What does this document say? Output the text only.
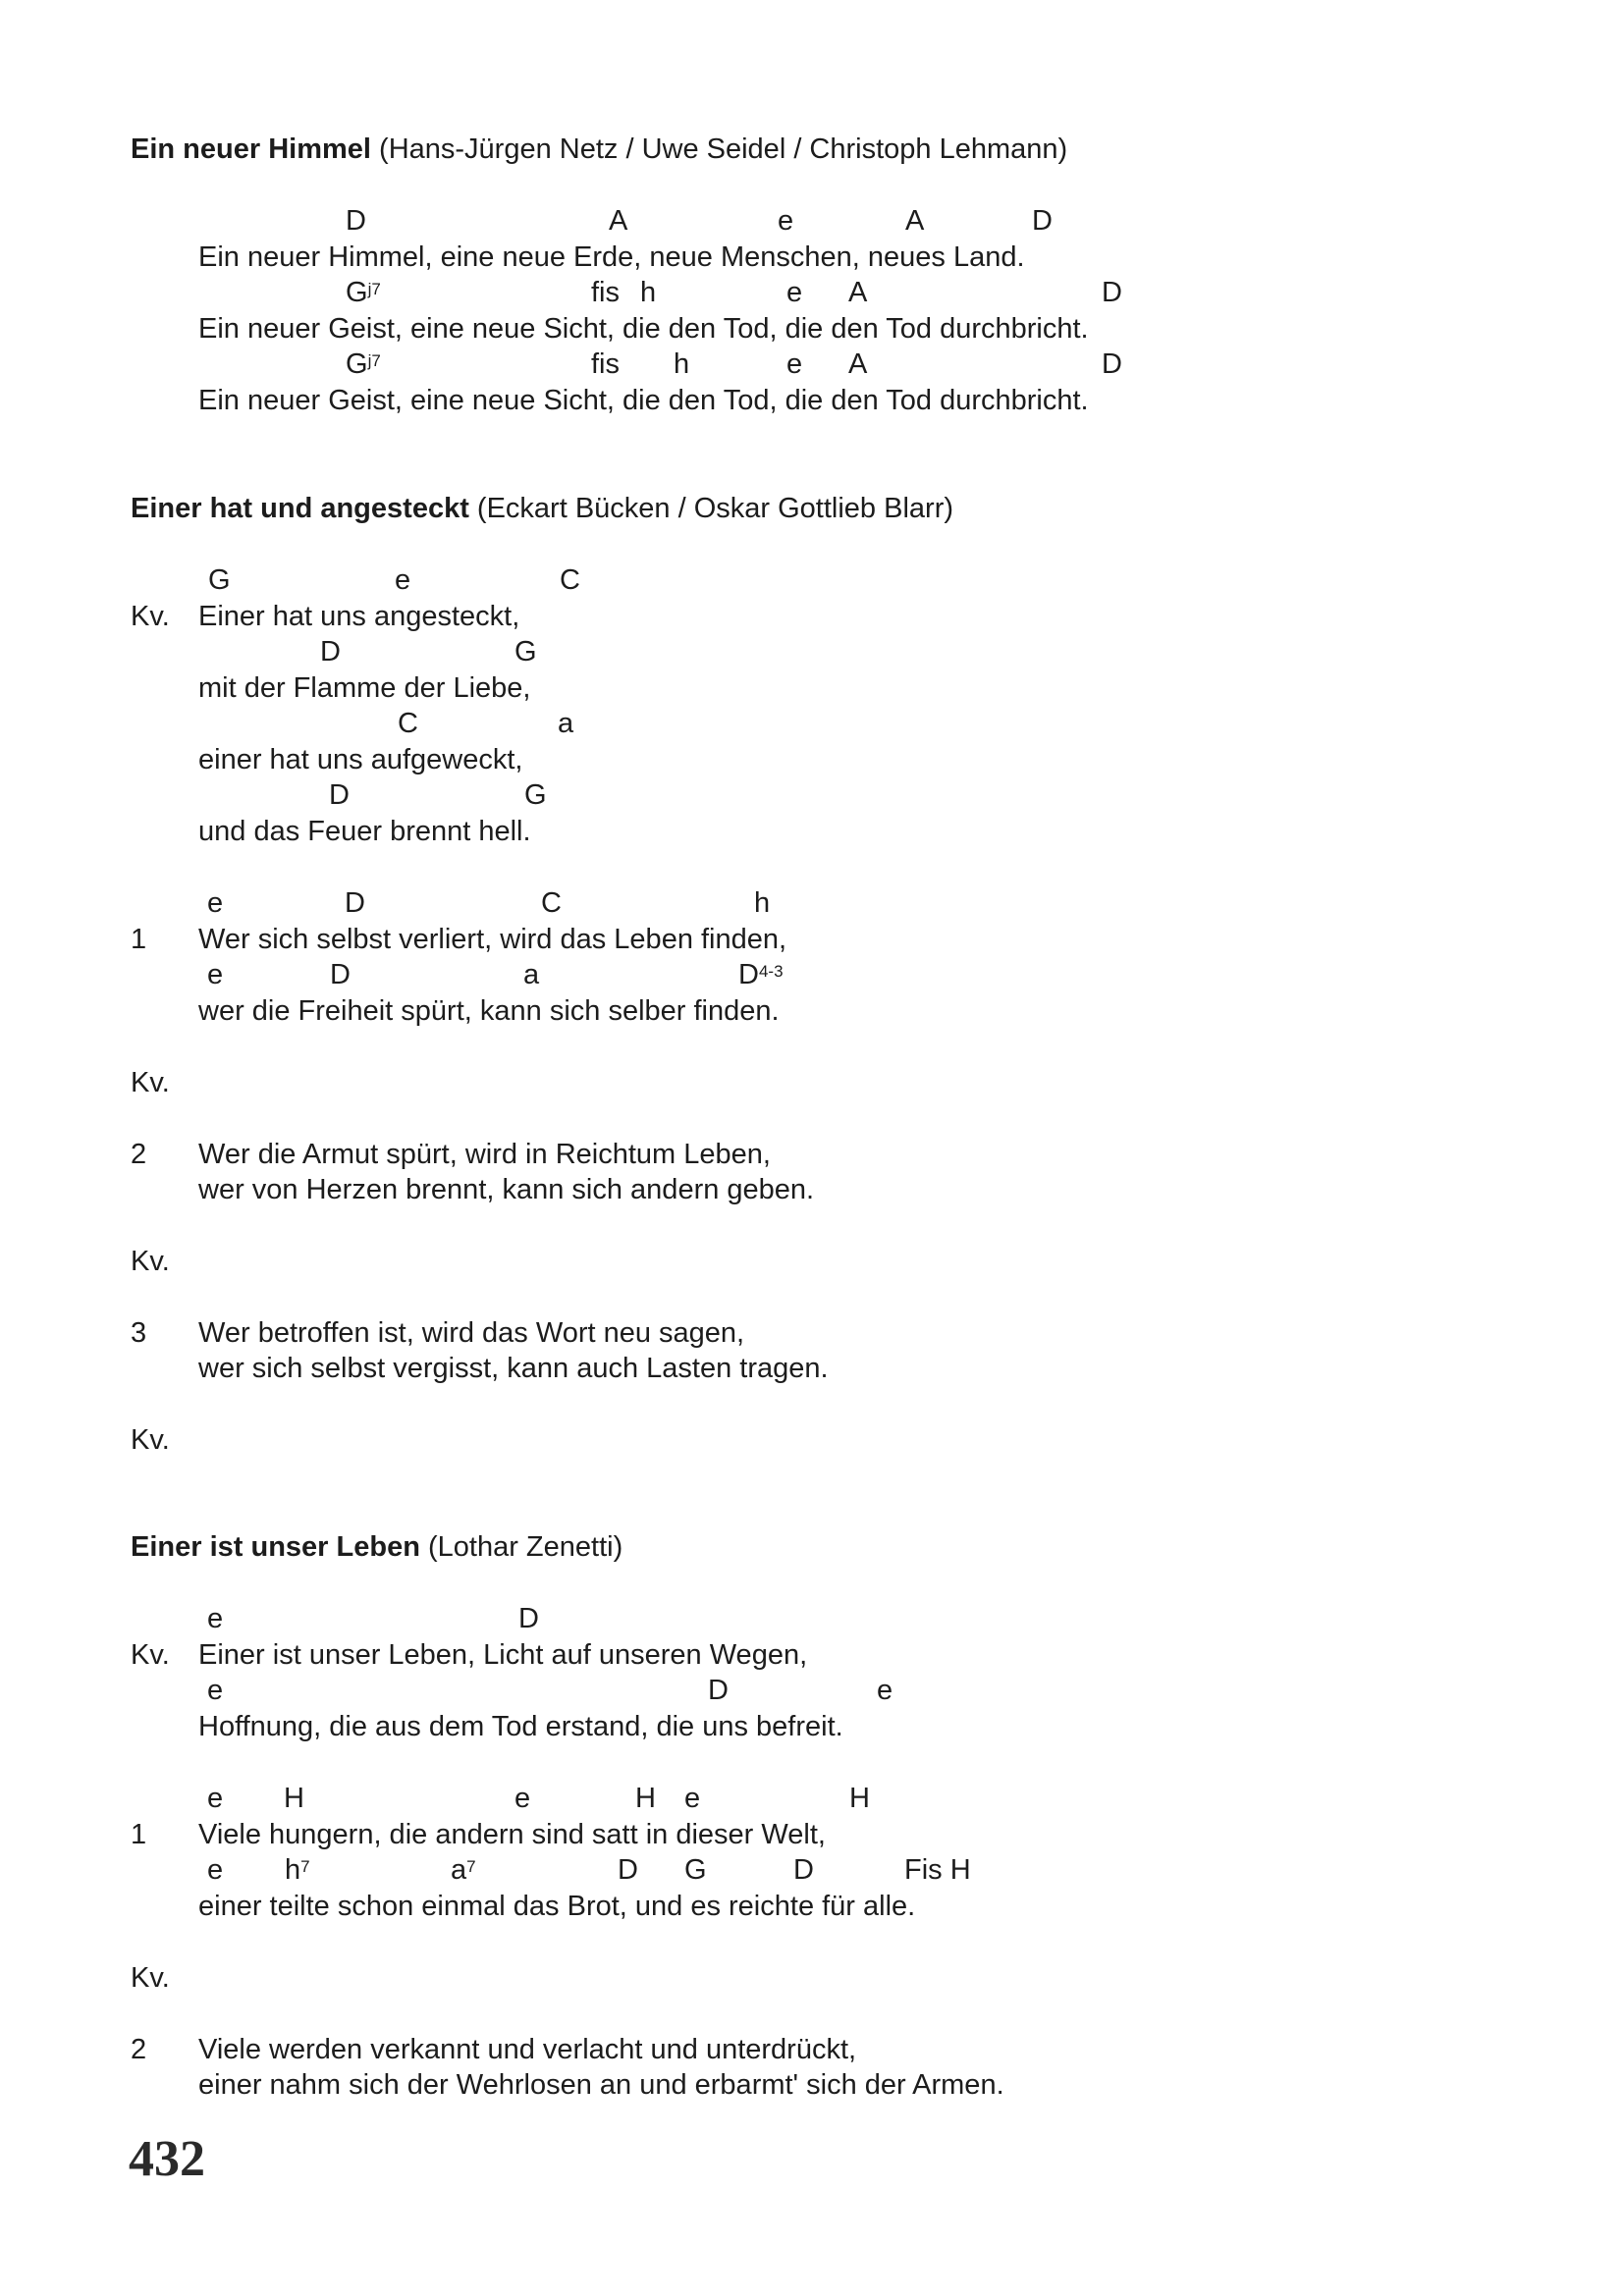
Ein neuer Himmel (Hans-Jürgen Netz / Uwe Seidel / Christoph Lehmann)
D	A	e	A	D
Ein neuer Himmel, eine neue Erde, neue Menschen, neues Land.
$G^{j7}$	fis h	e A	D
Ein neuer Geist, eine neue Sicht, die den Tod, die den Tod durchbricht.
$G^{j7}$	fis h	e A	D
Ein neuer Geist, eine neue Sicht, die den Tod, die den Tod durchbricht.
Einer hat und angesteckt (Eckart Bücken / Oskar Gottlieb Blarr)
G	e	C
Kv. Einer hat uns angesteckt,
D	G
mit der Flamme der Liebe,
C	a
einer hat uns aufgeweckt,
D	G
und das Feuer brennt hell.
e	D	C	h
1 Wer sich selbst verliert, wird das Leben finden,
e	D	a	$D^{4-3}$
wer die Freiheit spürt, kann sich selber finden.
Kv.
2 Wer die Armut spürt, wird in Reichtum Leben,
wer von Herzen brennt, kann sich andern geben.
Kv.
3 Wer betroffen ist, wird das Wort neu sagen,
wer sich selbst vergisst, kann auch Lasten tragen.
Kv.
Einer ist unser Leben (Lothar Zenetti)
e	D
Kv. Einer ist unser Leben, Licht auf unseren Wegen,
e	D	e
Hoffnung, die aus dem Tod erstand, die uns befreit.
e H	e	H e	H
1 Viele hungern, die andern sind satt in dieser Welt,
e $h^7$	$a^7$	D G	D	Fis H
einer teilte schon einmal das Brot, und es reichte für alle.
Kv.
2 Viele werden verkannt und verlacht und unterdrückt,
einer nahm sich der Wehrlosen an und erbarmt' sich der Armen.
432
